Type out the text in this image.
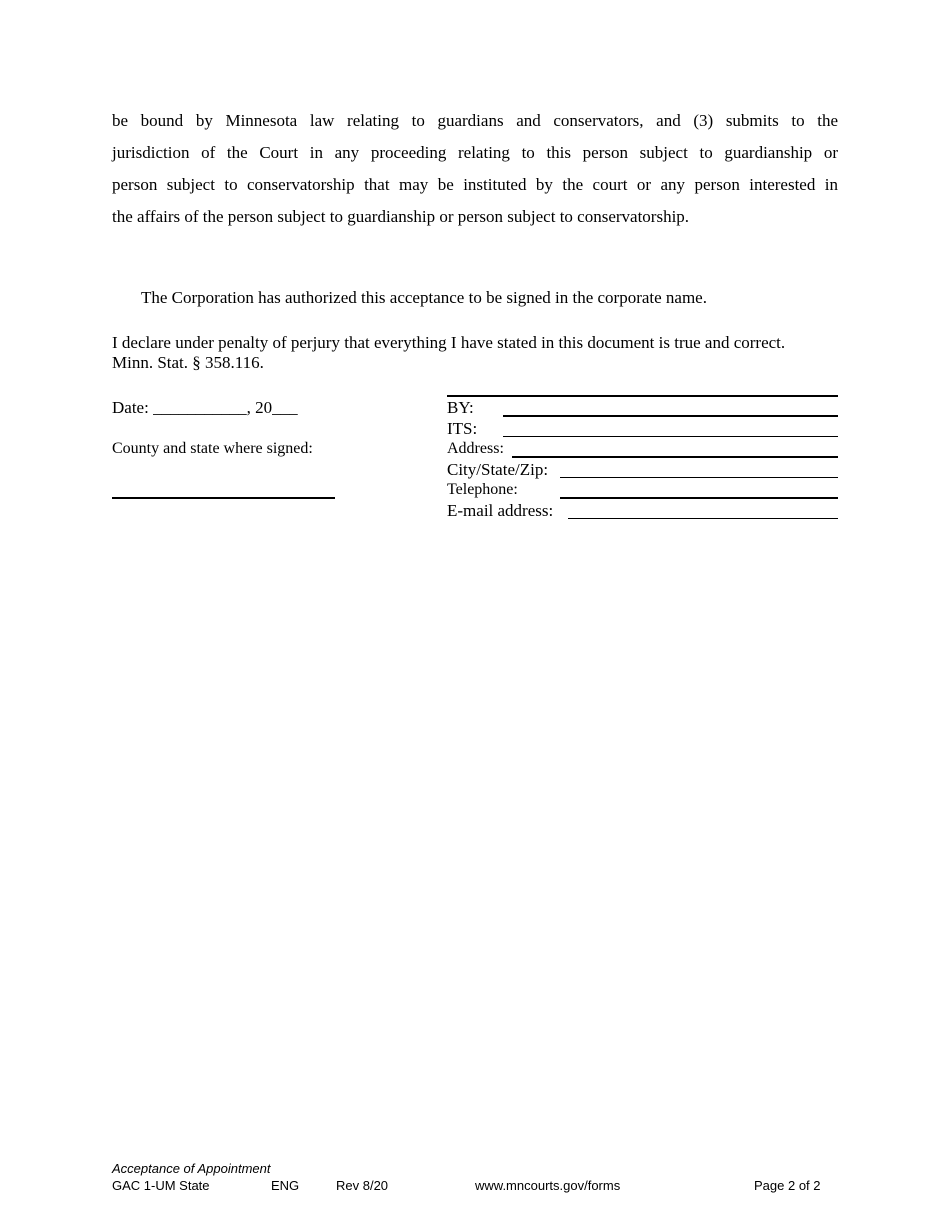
be bound by Minnesota law relating to guardians and conservators, and (3) submits to the
jurisdiction of the Court in any proceeding relating to this person subject to guardianship or
person subject to conservatorship that may be instituted by the court or any person interested in
the affairs of the person subject to guardianship or person subject to conservatorship.

The Corporation has authorized this acceptance to be signed in the corporate name.

I declare under penalty of perjury that everything I have stated in this document is true and correct. Minn. Stat. § 358.116.

Date: ___________, 20___
County and state where signed:
BY:
ITS:
Address:
City/State/Zip:
Telephone:
E-mail address:
Acceptance of Appointment
GAC 1-UM State	ENG	Rev 8/20	www.mncourts.gov/forms	Page 2 of 2
